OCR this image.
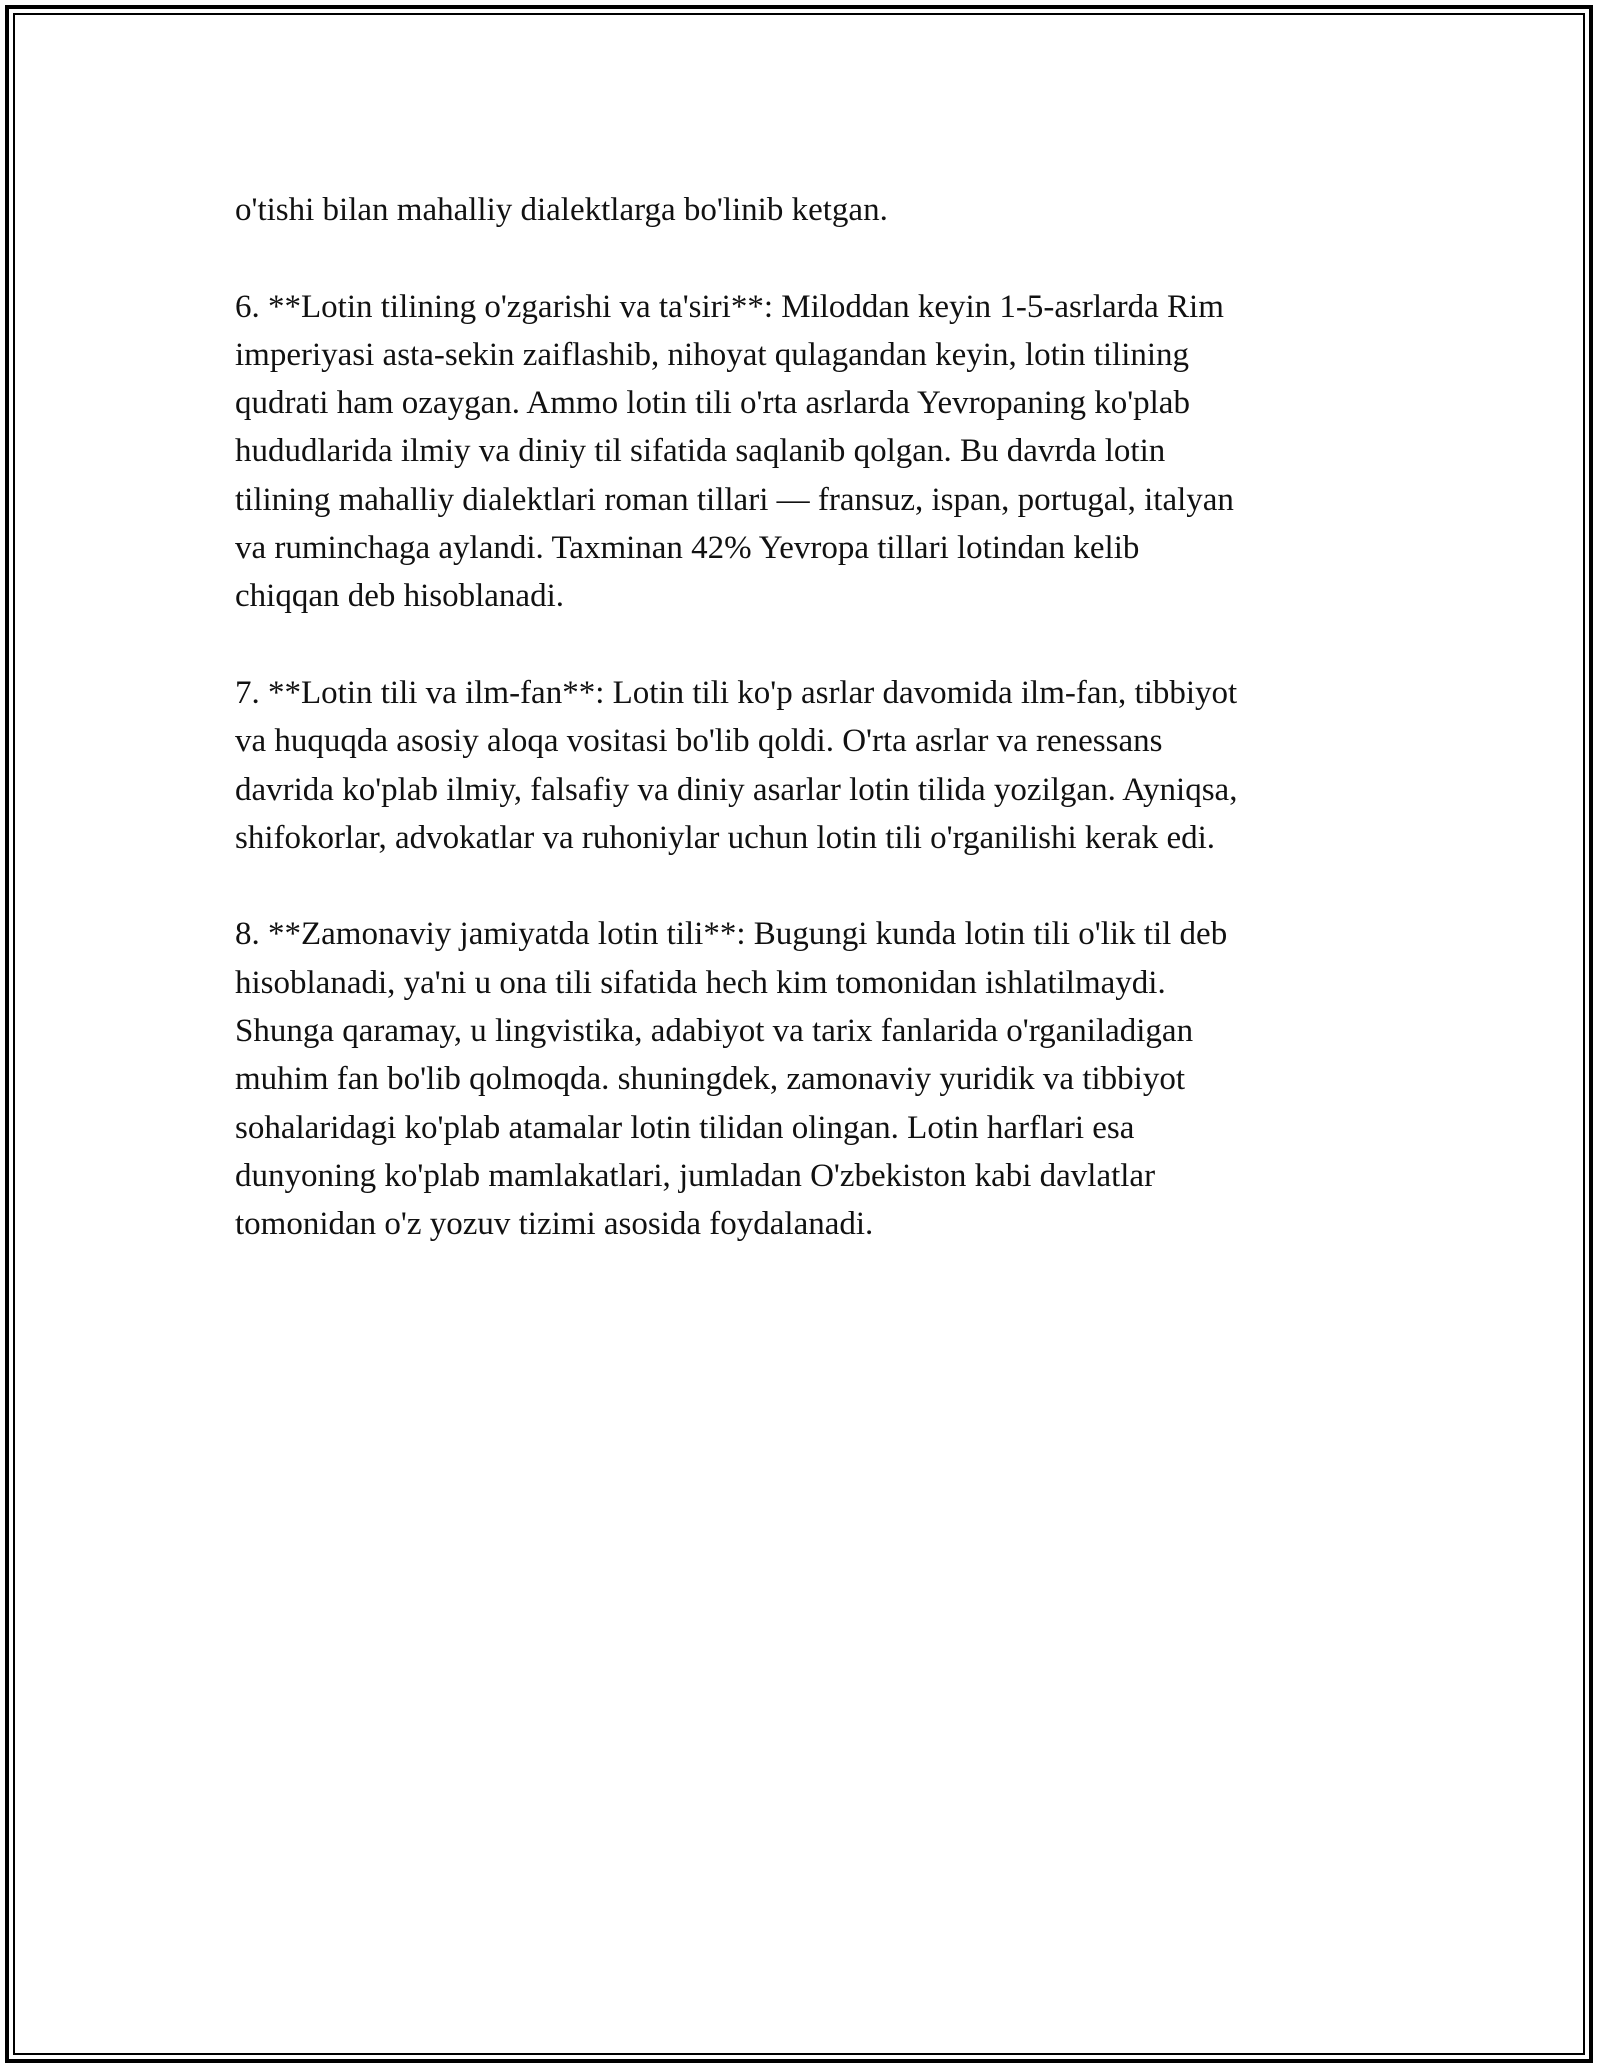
o'tishi bilan mahalliy dialektlarga bo'linib ketgan.

6. **Lotin tilining o'zgarishi va ta'siri**: Miloddan keyin 1-5-asrlarda Rim
imperiyasi asta-sekin zaiflashib, nihoyat qulagandan keyin, lotin tilining
qudrati ham ozaygan. Ammo lotin tili o'rta asrlarda Yevropaning ko'plab
hududlarida ilmiy va diniy til sifatida saqlanib qolgan. Bu davrda lotin
tilining mahalliy dialektlari roman tillari — fransuz, ispan, portugal, italyan
va ruminchaga aylandi. Taxminan 42% Yevropa tillari lotindan kelib
chiqqan deb hisoblanadi.

7. **Lotin tili va ilm-fan**: Lotin tili ko'p asrlar davomida ilm-fan, tibbiyot
va huquqda asosiy aloqa vositasi bo'lib qoldi. O'rta asrlar va renessans
davrida ko'plab ilmiy, falsafiy va diniy asarlar lotin tilida yozilgan. Ayniqsa,
shifokorlar, advokatlar va ruhoniylar uchun lotin tili o'rganilishi kerak edi.

8. **Zamonaviy jamiyatda lotin tili**: Bugungi kunda lotin tili o'lik til deb
hisoblanadi, ya'ni u ona tili sifatida hech kim tomonidan ishlatilmaydi.
Shunga qaramay, u lingvistika, adabiyot va tarix fanlarida o'rganiladigan
muhim fan bo'lib qolmoqda. shuningdek, zamonaviy yuridik va tibbiyot
sohalaridagi ko'plab atamalar lotin tilidan olingan. Lotin harflari esa
dunyoning ko'plab mamlakatlari, jumladan O'zbekiston kabi davlatlar
tomonidan o'z yozuv tizimi asosida foydalanadi.
